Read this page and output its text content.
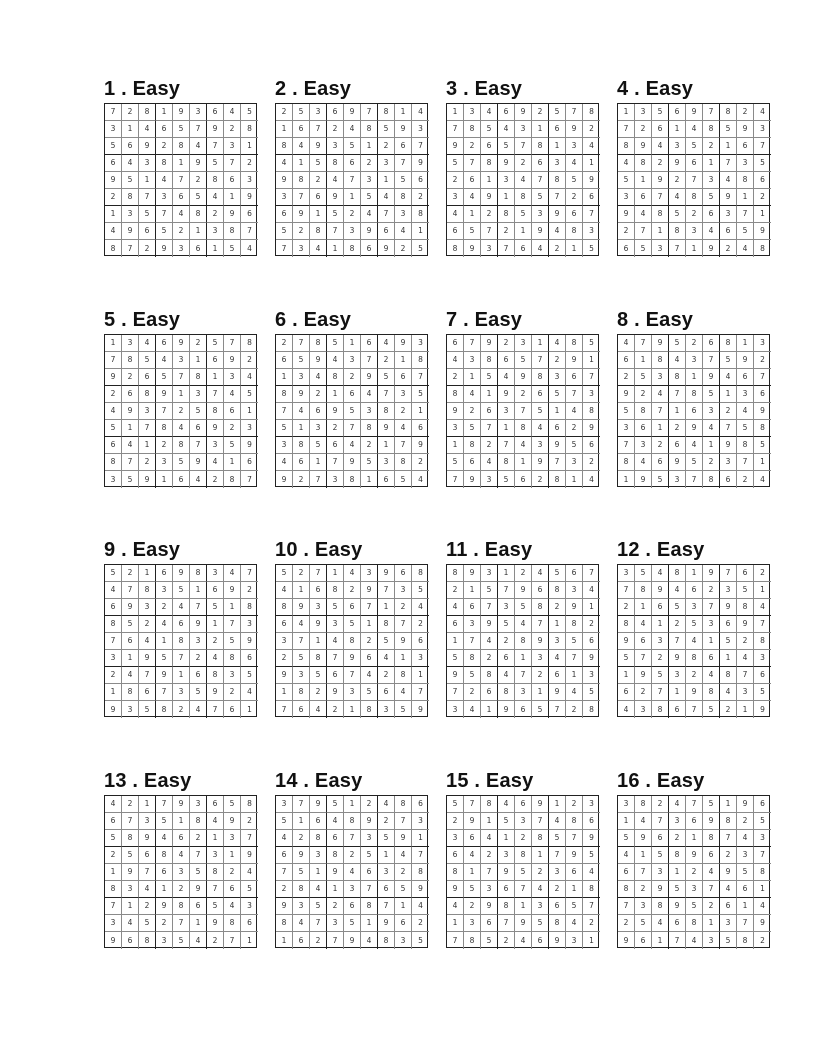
1 . Easy
7	2	8	1	9	3	6	4	5
3	1	4	6	5	7	9	2	8
5	6	9	2	8	4	7	3	1
6	4	3	8	1	9	5	7	2
9	5	1	4	7	2	8	6	3
2	8	7	3	6	5	4	1	9
1	3	5	7	4	8	2	9	6
4	9	6	5	2	1	3	8	7
8	7	2	9	3	6	1	5	4
2 . Easy
2	5	3	6	9	7	8	1	4
1	6	7	2	4	8	5	9	3
8	4	9	3	5	1	2	6	7
4	1	5	8	6	2	3	7	9
9	8	2	4	7	3	1	5	6
3	7	6	9	1	5	4	8	2
6	9	1	5	2	4	7	3	8
5	2	8	7	3	9	6	4	1
7	3	4	1	8	6	9	2	5
3 . Easy
1	3	4	6	9	2	5	7	8
7	8	5	4	3	1	6	9	2
9	2	6	5	7	8	1	3	4
5	7	8	9	2	6	3	4	1
2	6	1	3	4	7	8	5	9
3	4	9	1	8	5	7	2	6
4	1	2	8	5	3	9	6	7
6	5	7	2	1	9	4	8	3
8	9	3	7	6	4	2	1	5
4 . Easy
1	3	5	6	9	7	8	2	4
7	2	6	1	4	8	5	9	3
8	9	4	3	5	2	1	6	7
4	8	2	9	6	1	7	3	5
5	1	9	2	7	3	4	8	6
3	6	7	4	8	5	9	1	2
9	4	8	5	2	6	3	7	1
2	7	1	8	3	4	6	5	9
6	5	3	7	1	9	2	4	8
5 . Easy
1	3	4	6	9	2	5	7	8
7	8	5	4	3	1	6	9	2
9	2	6	5	7	8	1	3	4
2	6	8	9	1	3	7	4	5
4	9	3	7	2	5	8	6	1
5	1	7	8	4	6	9	2	3
6	4	1	2	8	7	3	5	9
8	7	2	3	5	9	4	1	6
3	5	9	1	6	4	2	8	7
6 . Easy
2	7	8	5	1	6	4	9	3
6	5	9	4	3	7	2	1	8
1	3	4	8	2	9	5	6	7
8	9	2	1	6	4	7	3	5
7	4	6	9	5	3	8	2	1
5	1	3	2	7	8	9	4	6
3	8	5	6	4	2	1	7	9
4	6	1	7	9	5	3	8	2
9	2	7	3	8	1	6	5	4
7 . Easy
6	7	9	2	3	1	4	8	5
4	3	8	6	5	7	2	9	1
2	1	5	4	9	8	3	6	7
8	4	1	9	2	6	5	7	3
9	2	6	3	7	5	1	4	8
3	5	7	1	8	4	6	2	9
1	8	2	7	4	3	9	5	6
5	6	4	8	1	9	7	3	2
7	9	3	5	6	2	8	1	4
8 . Easy
4	7	9	5	2	6	8	1	3
6	1	8	4	3	7	5	9	2
2	5	3	8	1	9	4	6	7
9	2	4	7	8	5	1	3	6
5	8	7	1	6	3	2	4	9
3	6	1	2	9	4	7	5	8
7	3	2	6	4	1	9	8	5
8	4	6	9	5	2	3	7	1
1	9	5	3	7	8	6	2	4
9 . Easy
5	2	1	6	9	8	3	4	7
4	7	8	3	5	1	6	9	2
6	9	3	2	4	7	5	1	8
8	5	2	4	6	9	1	7	3
7	6	4	1	8	3	2	5	9
3	1	9	5	7	2	4	8	6
2	4	7	9	1	6	8	3	5
1	8	6	7	3	5	9	2	4
9	3	5	8	2	4	7	6	1
10 . Easy
5	2	7	1	4	3	9	6	8
4	1	6	8	2	9	7	3	5
8	9	3	5	6	7	1	2	4
6	4	9	3	5	1	8	7	2
3	7	1	4	8	2	5	9	6
2	5	8	7	9	6	4	1	3
9	3	5	6	7	4	2	8	1
1	8	2	9	3	5	6	4	7
7	6	4	2	1	8	3	5	9
11 . Easy
8	9	3	1	2	4	5	6	7
2	1	5	7	9	6	8	3	4
4	6	7	3	5	8	2	9	1
6	3	9	5	4	7	1	8	2
1	7	4	2	8	9	3	5	6
5	8	2	6	1	3	4	7	9
9	5	8	4	7	2	6	1	3
7	2	6	8	3	1	9	4	5
3	4	1	9	6	5	7	2	8
12 . Easy
3	5	4	8	1	9	7	6	2
7	8	9	4	6	2	3	5	1
2	1	6	5	3	7	9	8	4
8	4	1	2	5	3	6	9	7
9	6	3	7	4	1	5	2	8
5	7	2	9	8	6	1	4	3
1	9	5	3	2	4	8	7	6
6	2	7	1	9	8	4	3	5
4	3	8	6	7	5	2	1	9
13 . Easy
4	2	1	7	9	3	6	5	8
6	7	3	5	1	8	4	9	2
5	8	9	4	6	2	1	3	7
2	5	6	8	4	7	3	1	9
1	9	7	6	3	5	8	2	4
8	3	4	1	2	9	7	6	5
7	1	2	9	8	6	5	4	3
3	4	5	2	7	1	9	8	6
9	6	8	3	5	4	2	7	1
14 . Easy
3	7	9	5	1	2	4	8	6
5	1	6	4	8	9	2	7	3
4	2	8	6	7	3	5	9	1
6	9	3	8	2	5	1	4	7
7	5	1	9	4	6	3	2	8
2	8	4	1	3	7	6	5	9
9	3	5	2	6	8	7	1	4
8	4	7	3	5	1	9	6	2
1	6	2	7	9	4	8	3	5
15 . Easy
5	7	8	4	6	9	1	2	3
2	9	1	5	3	7	4	8	6
3	6	4	1	2	8	5	7	9
6	4	2	3	8	1	7	9	5
8	1	7	9	5	2	3	6	4
9	5	3	6	7	4	2	1	8
4	2	9	8	1	3	6	5	7
1	3	6	7	9	5	8	4	2
7	8	5	2	4	6	9	3	1
16 . Easy
3	8	2	4	7	5	1	9	6
1	4	7	3	6	9	8	2	5
5	9	6	2	1	8	7	4	3
4	1	5	8	9	6	2	3	7
6	7	3	1	2	4	9	5	8
8	2	9	5	3	7	4	6	1
7	3	8	9	5	2	6	1	4
2	5	4	6	8	1	3	7	9
9	6	1	7	4	3	5	8	2
